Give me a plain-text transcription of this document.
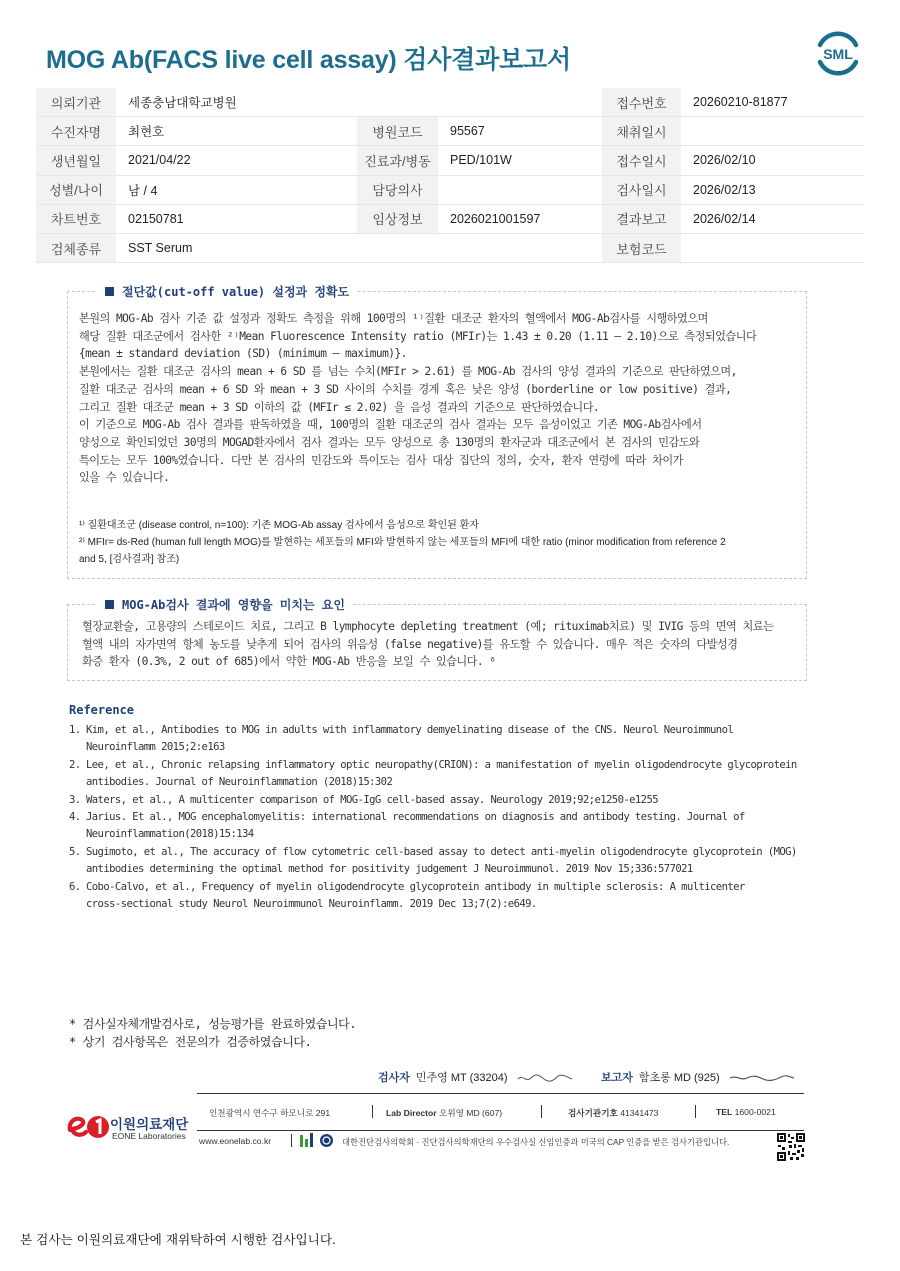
MOG Ab(FACS live cell assay) 검사결과보고서	SML
의뢰기관	세종충남대학교병원			접수번호	20260210-81877
수진자명	최현호	병원코드	95567	채취일시	
생년월일	2021/04/22	진료과/병동	PED/101W	접수일시	2026/02/10
성별/나이	남 / 4	담당의사		검사일시	2026/02/13
차트번호	02150781	임상정보	2026021001597	결과보고	2026/02/14
검체종류	SST Serum			보험코드	
절단값(cut-off value) 설정과 정확도
본원의 MOG-Ab 검사 기준 값 설정과 정확도 측정을 위해 100명의 ¹⁾질환 대조군 환자의 혈액에서 MOG-Ab검사를 시행하였으며
해당 질환 대조군에서 검사한 ²⁾Mean Fluorescence Intensity ratio (MFIr)는 1.43 ± 0.20 (1.11 – 2.10)으로 측정되었습니다
{mean ± standard deviation (SD) (minimum – maximum)}.
본원에서는 질환 대조군 검사의 mean + 6 SD 를 넘는 수치(MFIr > 2.61) 를 MOG-Ab 검사의 양성 결과의 기준으로 판단하였으며,
질환 대조군 검사의 mean + 6 SD 와 mean + 3 SD 사이의 수치를 경계 혹은 낮은 양성 (borderline or low positive) 결과,
그리고 질환 대조군 mean + 3 SD 이하의 값 (MFIr ≤ 2.02) 을 음성 결과의 기준으로 판단하였습니다.
이 기준으로 MOG-Ab 검사 결과를 판독하였을 때, 100명의 질환 대조군의 검사 결과는 모두 음성이었고 기존 MOG-Ab검사에서
양성으로 확인되었던 30명의 MOGAD환자에서 검사 결과는 모두 양성으로 총 130명의 환자군과 대조군에서 본 검사의 민감도와
특이도는 모두 100%였습니다. 다만 본 검사의 민감도와 특이도는 검사 대상 집단의 정의, 숫자, 환자 연령에 따라 차이가
있을 수 있습니다.
¹⁾ 질환대조군 (disease control, n=100): 기존 MOG-Ab assay 검사에서 음성으로 확인된 환자
²⁾ MFIr= ds-Red (human full length MOG)를 발현하는 세포들의 MFI와 발현하지 않는 세포들의 MFI에 대한 ratio (minor modification from reference 2
and 5, [검사결과] 참조)
MOG-Ab검사 결과에 영향을 미치는 요인
혈장교환술, 고용량의 스테로이드 치료, 그리고 B lymphocyte depleting treatment (예; rituximab치료) 및 IVIG 등의 면역 치료는
혈액 내의 자가면역 항체 농도를 낮추게 되어 검사의 위음성 (false negative)를 유도할 수 있습니다. 매우 적은 숫자의 다발성경
화증 환자 (0.3%, 2 out of 685)에서 약한 MOG-Ab 반응을 보일 수 있습니다. ⁶
Reference
1. Kim, et al., Antibodies to MOG in adults with inflammatory demyelinating disease of the CNS. Neurol Neuroimmunol
Neuroinflamm 2015;2:e163
2. Lee, et al., Chronic relapsing inflammatory optic neuropathy(CRION): a manifestation of myelin oligodendrocyte glycoprotein
antibodies. Journal of Neuroinflammation (2018)15:302
3. Waters, et al., A multicenter comparison of MOG-IgG cell-based assay. Neurology 2019;92;e1250-e1255
4. Jarius. Et al., MOG encephalomyelitis: international recommendations on diagnosis and antibody testing. Journal of
Neuroinflammation(2018)15:134
5. Sugimoto, et al., The accuracy of flow cytometric cell-based assay to detect anti-myelin oligodendrocyte glycoprotein (MOG)
antibodies determining the optimal method for positivity judgement J Neuroimmunol. 2019 Nov 15;336:577021
6. Cobo-Calvo, et al., Frequency of myelin oligodendrocyte glycoprotein antibody in multiple sclerosis: A multicenter
cross-sectional study Neurol Neuroimmunol Neuroinflamm. 2019 Dec 13;7(2):e649.
* 검사실자체개발검사로, 성능평가를 완료하였습니다.
* 상기 검사항목은 전문의가 검증하였습니다.
검사자 민주영 MT (33204)	보고자 함초롱 MD (925)
이원의료재단
EONE Laboratories
인천광역시 연수구 하모니로 291	Lab Director 오위영 MD (607)	검사기관기호 41341473	TEL 1600-0021
www.eonelab.co.kr	대한진단검사의학회 · 진단검사의학재단의 우수검사실 신임인증과 미국의 CAP 인증을 받은 검사기관입니다.
본 검사는 이원의료재단에 재위탁하여 시행한 검사입니다.
